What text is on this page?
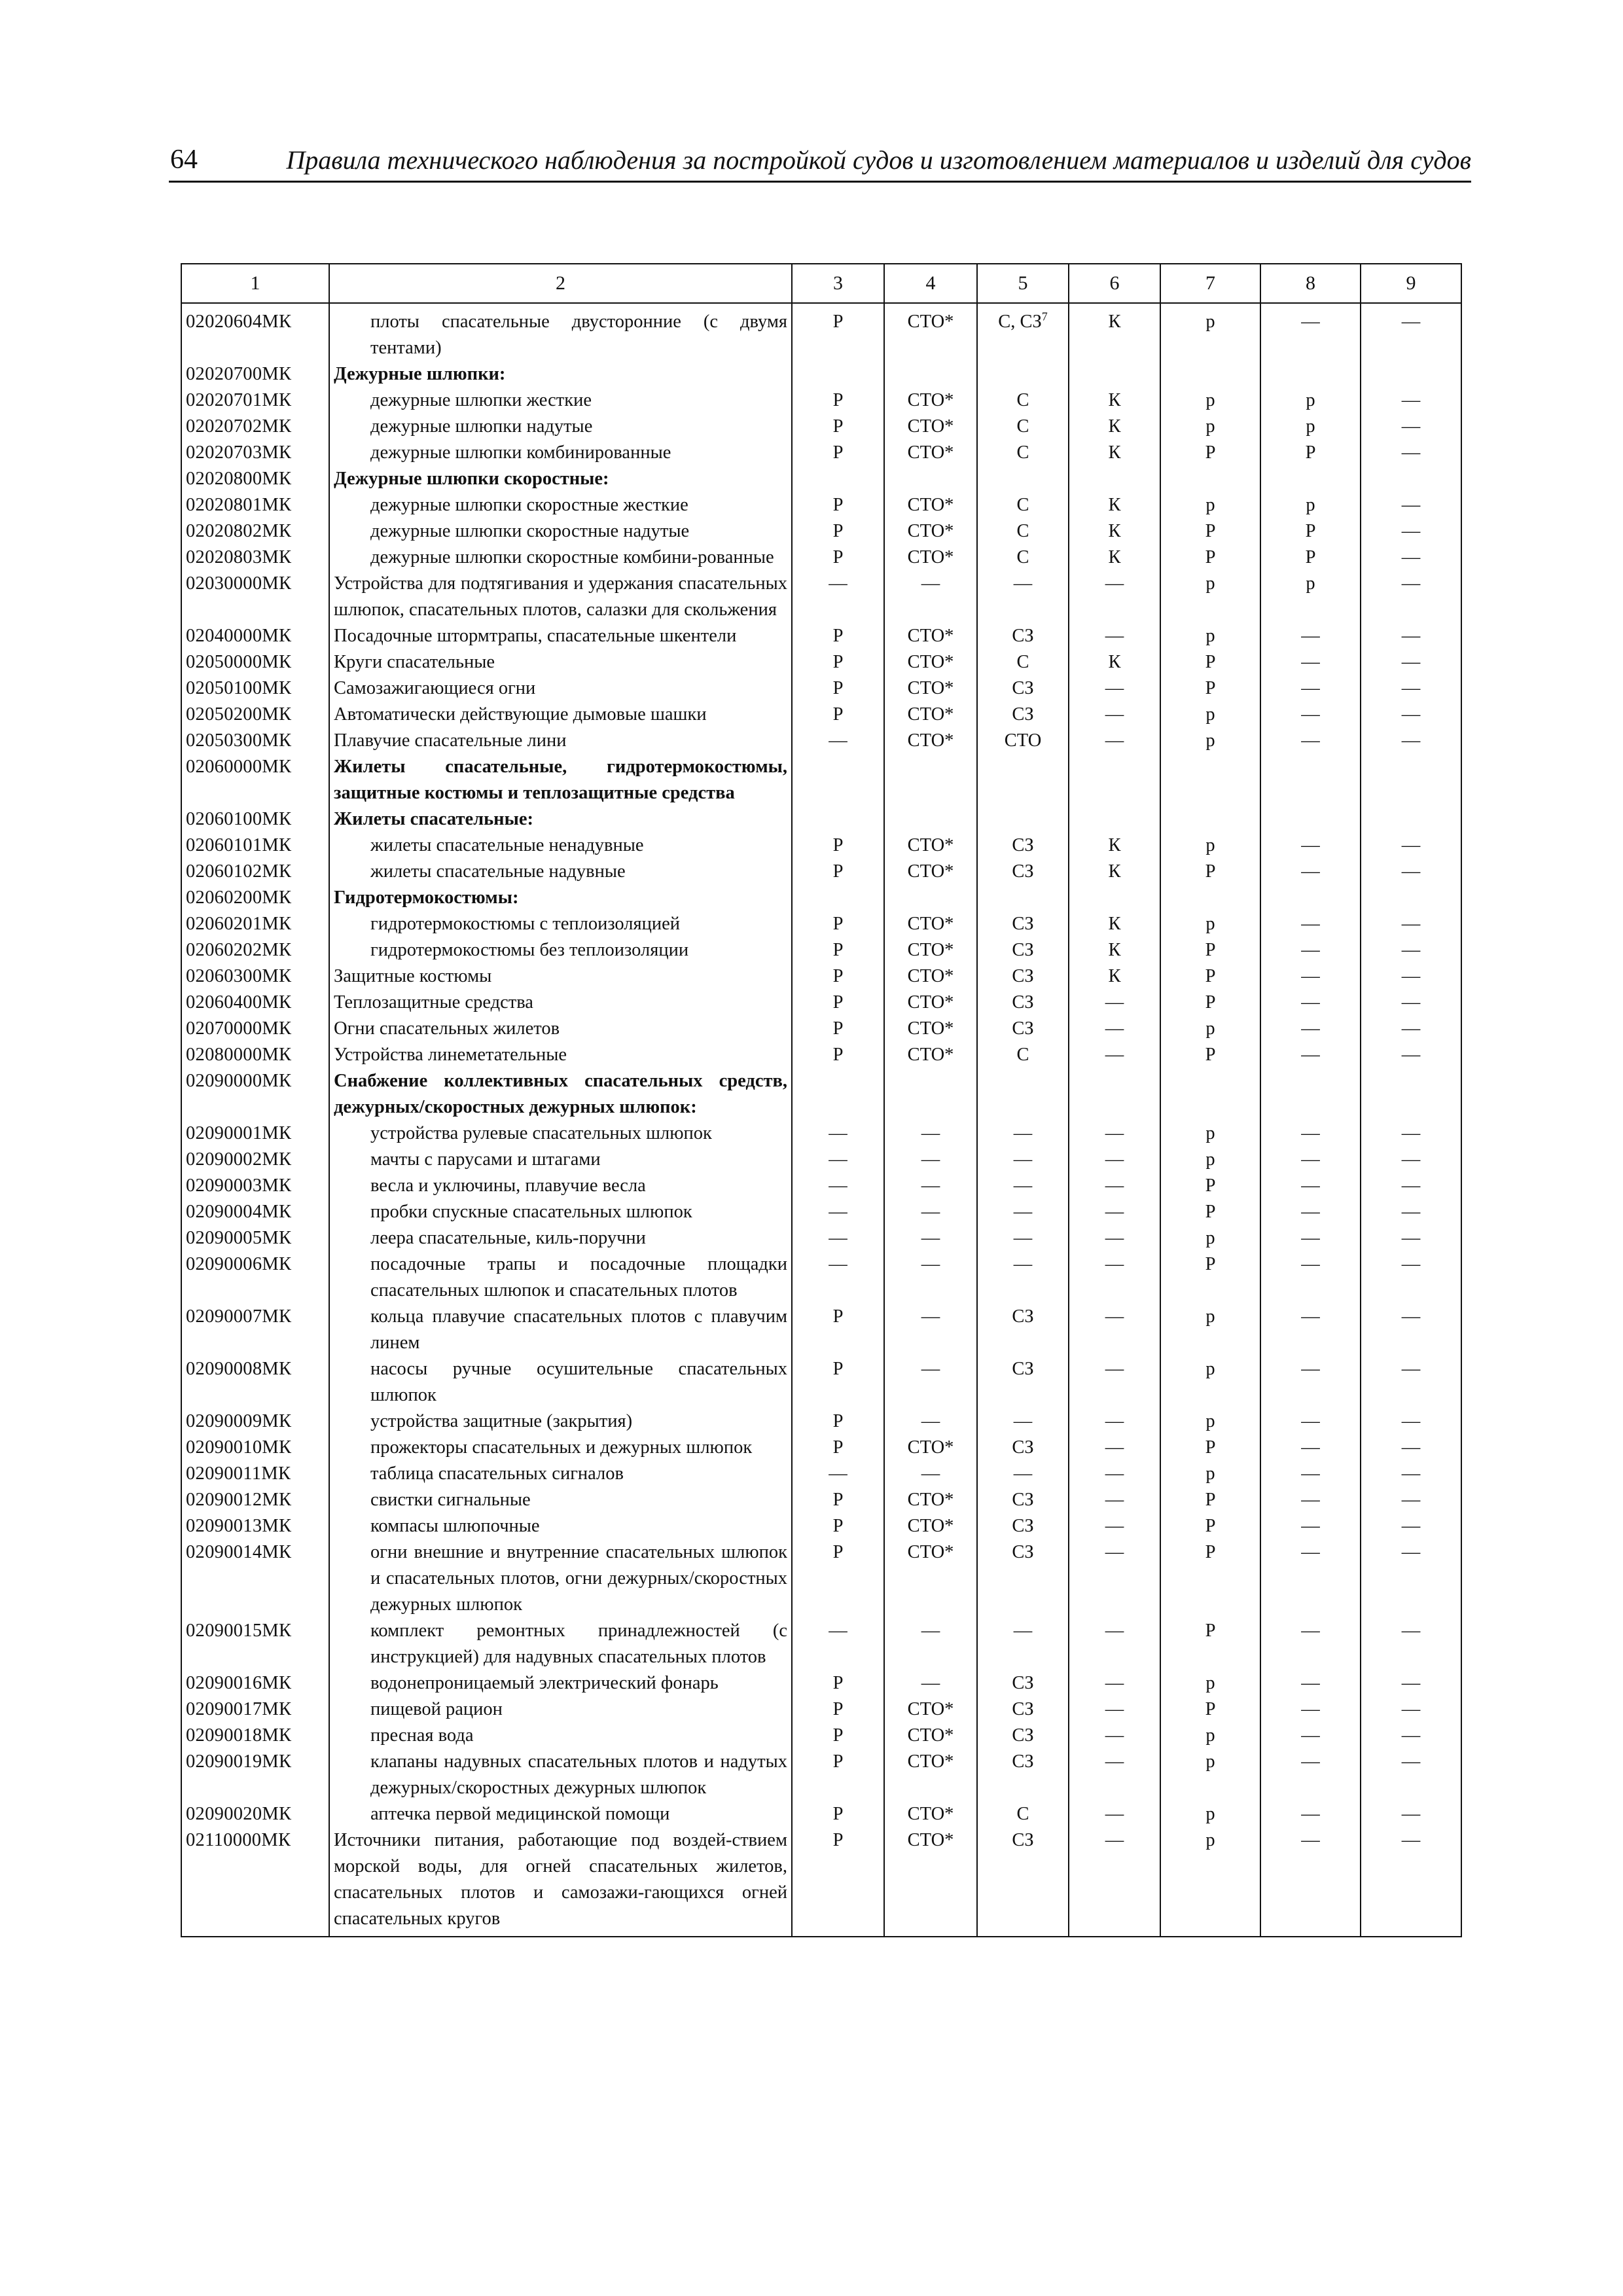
64	Правила технического наблюдения за постройкой судов и изготовлением материалов и изделий для судов
1	2	3	4	5	6	7	8	9
02020604МК	плоты спасательные двусторонние (с двумя тентами)	Р	СТО*	С, $СЗ^7$	К	р	—	—
02020700МК	Дежурные шлюпки:							
02020701МК	дежурные шлюпки жесткие	Р	СТО*	С	К	р	р	—
02020702МК	дежурные шлюпки надутые	Р	СТО*	С	К	р	р	—
02020703МК	дежурные шлюпки комбинированные	Р	СТО*	С	К	Р	Р	—
02020800МК	Дежурные шлюпки скоростные:							
02020801МК	дежурные шлюпки скоростные жесткие	Р	СТО*	С	К	р	р	—
02020802МК	дежурные шлюпки скоростные надутые	Р	СТО*	С	К	Р	Р	—
02020803МК	дежурные шлюпки скоростные комбини-рованные	Р	СТО*	С	К	Р	Р	—
02030000МК	Устройства для подтягивания и удержания спасательных шлюпок, спасательных плотов, салазки для скольжения	—	—	—	—	р	р	—
02040000МК	Посадочные штормтрапы, спасательные шкентели	Р	СТО*	СЗ	—	р	—	—
02050000МК	Круги спасательные	Р	СТО*	С	К	Р	—	—
02050100МК	Самозажигающиеся огни	Р	СТО*	СЗ	—	Р	—	—
02050200МК	Автоматически действующие дымовые шашки	Р	СТО*	СЗ	—	р	—	—
02050300МК	Плавучие спасательные лини	—	СТО*	СТО	—	р	—	—
02060000МК	Жилеты спасательные, гидротермокостюмы, защитные костюмы и теплозащитные средства							
02060100МК	Жилеты спасательные:							
02060101МК	жилеты спасательные ненадувные	Р	СТО*	СЗ	К	р	—	—
02060102МК	жилеты спасательные надувные	Р	СТО*	СЗ	К	Р	—	—
02060200МК	Гидротермокостюмы:							
02060201МК	гидротермокостюмы с теплоизоляцией	Р	СТО*	СЗ	К	р	—	—
02060202МК	гидротермокостюмы без теплоизоляции	Р	СТО*	СЗ	К	Р	—	—
02060300МК	Защитные костюмы	Р	СТО*	СЗ	К	Р	—	—
02060400МК	Теплозащитные средства	Р	СТО*	СЗ	—	Р	—	—
02070000МК	Огни спасательных жилетов	Р	СТО*	СЗ	—	р	—	—
02080000МК	Устройства линеметательные	Р	СТО*	С	—	Р	—	—
02090000МК	Снабжение коллективных спасательных средств, дежурных/скоростных дежурных шлюпок:							
02090001МК	устройства рулевые спасательных шлюпок	—	—	—	—	р	—	—
02090002МК	мачты с парусами и штагами	—	—	—	—	р	—	—
02090003МК	весла и уключины, плавучие весла	—	—	—	—	Р	—	—
02090004МК	пробки спускные спасательных шлюпок	—	—	—	—	Р	—	—
02090005МК	леера спасательные, киль-поручни	—	—	—	—	р	—	—
02090006МК	посадочные трапы и посадочные площадки спасательных шлюпок и спасательных плотов	—	—	—	—	Р	—	—
02090007МК	кольца плавучие спасательных плотов с плавучим линем	Р	—	СЗ	—	р	—	—
02090008МК	насосы ручные осушительные спасательных шлюпок	Р	—	СЗ	—	р	—	—
02090009МК	устройства защитные (закрытия)	Р	—	—	—	р	—	—
02090010МК	прожекторы спасательных и дежурных шлюпок	Р	СТО*	СЗ	—	Р	—	—
02090011МК	таблица спасательных сигналов	—	—	—	—	р	—	—
02090012МК	свистки сигнальные	Р	СТО*	СЗ	—	Р	—	—
02090013МК	компасы шлюпочные	Р	СТО*	СЗ	—	Р	—	—
02090014МК	огни внешние и внутренние спасательных шлюпок и спасательных плотов, огни дежурных/скоростных дежурных шлюпок	Р	СТО*	СЗ	—	Р	—	—
02090015МК	комплект ремонтных принадлежностей (с инструкцией) для надувных спасательных плотов	—	—	—	—	Р	—	—
02090016МК	водонепроницаемый электрический фонарь	Р	—	СЗ	—	р	—	—
02090017МК	пищевой рацион	Р	СТО*	СЗ	—	Р	—	—
02090018МК	пресная вода	Р	СТО*	СЗ	—	р	—	—
02090019МК	клапаны надувных спасательных плотов и надутых дежурных/скоростных дежурных шлюпок	Р	СТО*	СЗ	—	р	—	—
02090020МК	аптечка первой медицинской помощи	Р	СТО*	С	—	р	—	—
02110000МК	Источники питания, работающие под воздей-ствием морской воды, для огней спасательных жилетов, спасательных плотов и самозажи-гающихся огней спасательных кругов	Р	СТО*	СЗ	—	р	—	—
